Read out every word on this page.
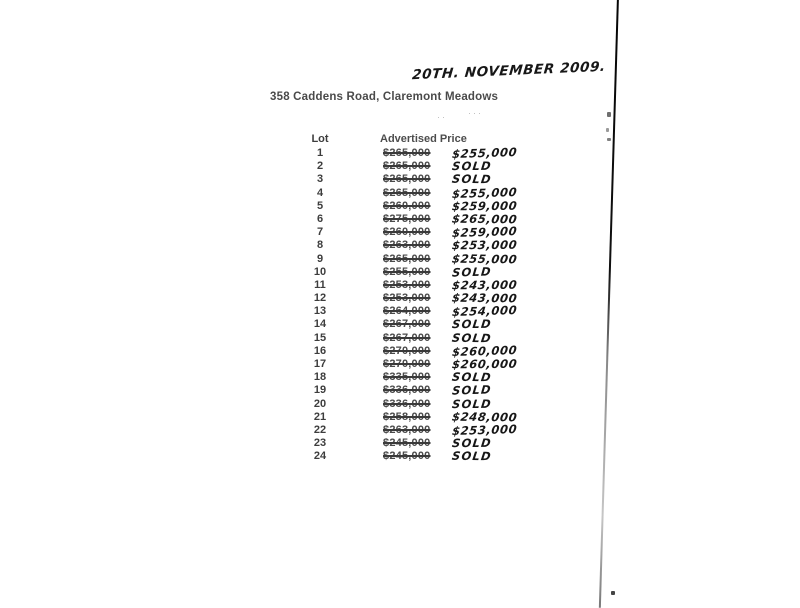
20TH. NOVEMBER 2009.
358 Caddens Road, Claremont Meadows
Lot	Advertised Price
1	$265,000	$255,000
2	$265,000	SOLD
3	$265,000	SOLD
4	$265,000	$255,000
5	$260,000	$259,000
6	$275,000	$265,000
7	$260,000	$259,000
8	$263,000	$253,000
9	$265,000	$255,000
10	$255,000	SOLD
11	$253,000	$243,000
12	$253,000	$243,000
13	$264,000	$254,000
14	$267,000	SOLD
15	$267,000	SOLD
16	$270,000	$260,000
17	$270,000	$260,000
18	$335,000	SOLD
19	$336,000	SOLD
20	$336,000	SOLD
21	$258,000	$248,000
22	$263,000	$253,000
23	$245,000	SOLD
24	$245,000	SOLD
···
··
